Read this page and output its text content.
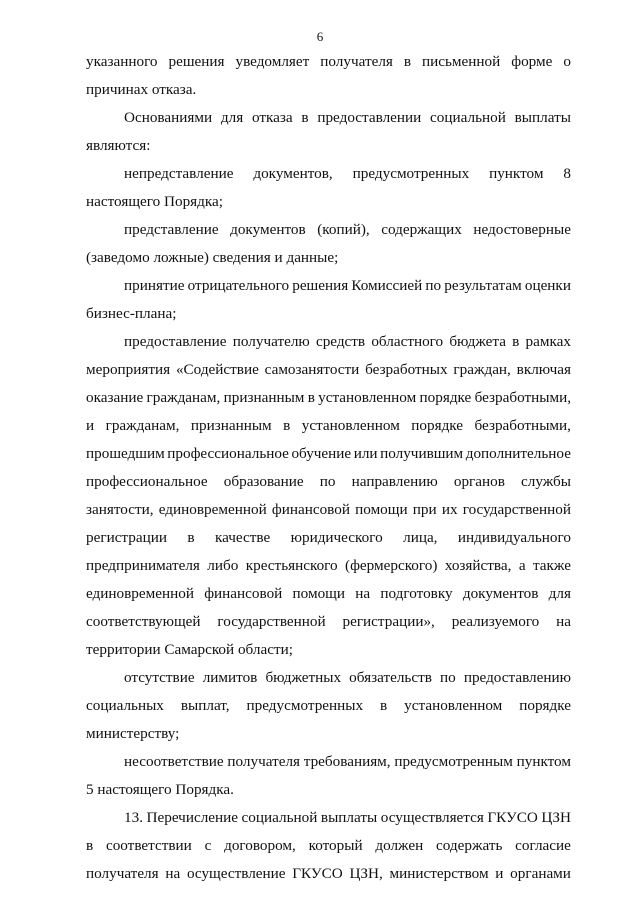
6
указанного решения уведомляет получателя в письменной форме о
причинах отказа.
Основаниями для отказа в предоставлении социальной выплаты
являются:
непредставление документов, предусмотренных пунктом 8
настоящего Порядка;
представление документов (копий), содержащих недостоверные
(заведомо ложные) сведения и данные;
принятие отрицательного решения Комиссией по результатам оценки
бизнес-плана;
предоставление получателю средств областного бюджета в рамках
мероприятия «Содействие самозанятости безработных граждан, включая
оказание гражданам, признанным в установленном порядке безработными,
и гражданам, признанным в установленном порядке безработными,
прошедшим профессиональное обучение или получившим дополнительное
профессиональное образование по направлению органов службы
занятости, единовременной финансовой помощи при их государственной
регистрации в качестве юридического лица, индивидуального
предпринимателя либо крестьянского (фермерского) хозяйства, а также
единовременной финансовой помощи на подготовку документов для
соответствующей государственной регистрации», реализуемого на
территории Самарской области;
отсутствие лимитов бюджетных обязательств по предоставлению
социальных выплат, предусмотренных в установленном порядке
министерству;
несоответствие получателя требованиям, предусмотренным пунктом
5 настоящего Порядка.
13. Перечисление социальной выплаты осуществляется ГКУСО ЦЗН
в соответствии с договором, который должен содержать согласие
получателя на осуществление ГКУСО ЦЗН, министерством и органами
